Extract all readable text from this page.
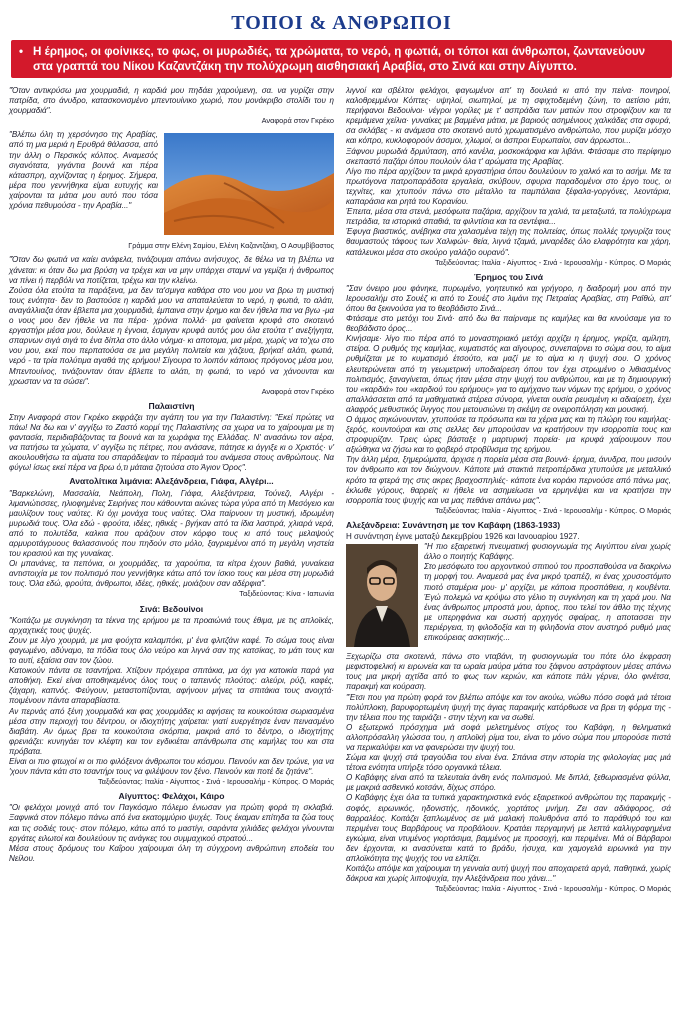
ΤΟΠΟΙ & ΑΝΘΡΩΠΟΙ
• Η έρημος, οι φοίνικες, το φως, οι μυρωδιές, τα χρώματα, το νερό, η φωτιά, οι τόποι και άνθρωποι, ζωντανεύουν στα γραπτά του Νίκου Καζαντζάκη την πολύχρωμη αισθησιακή Αραβία, στο Σινά και στην Αίγυπτο.

"Όταν αντικρύσω μια χουρμαδιά, η καρδιά μου πηδάει χαρούμενη, σα. να γυρίζει στην πατρίδα, στο άνυδρο, κατασκονισμένο μπεντουίνικο χωριό, που μονάκριβο στολίδι του η χουρμαδιά".

Αναφορά στον Γκρέκο

"Βλέπω όλη τη χερσόνησο της Αραβίας, από τη μια μεριά η Ερυθρά θάλασσα, από την άλλη ο Περσικός κόλπος. Αναμεσός σιγανότατα, γιγάντια βουνά και πέρα κάτασπρη, αχνίζοντας η έρημος. Σήμερα, μέρα που γεννήθηκα είμαι ευτυχής και χαίρονται τα μάτια μου αυτό που τόσα χρόνια πεθυμούσα - την Αραβία..."

Γράμμα στην Ελένη Σαμίου, Ελένη Καζαντζάκη, Ο Ασυμβίβαστος

"Όταν δω φωτιά να καίει ανάφελα, τινάζουμαι απάνω ανήσυχος, δε θέλω να τη βλέπω να χάνεται: κι όταν δω μια βρύση να τρέχει και να μην υπάρχει σταμνί να γεμίζει ή άνθρωπος να πίνει ή περβόλι να ποτίζεται, τρέχω και την κλείνω.

Ζούσα όλα ετούτα τα παράξενα, μα δεν τα'σμιγα καθάρα στο νου μου να βρω τη μυστική τους ενότητα· δεν το βαστούσε η καρδιά μου να απαταλεύεται το νερό, η φωτιά, το αλάτι, αναγάλλιαζα όταν έβλεπα μια χουρμαδιά, έμπαινα στην έρημο και δεν ήθελα πια να βγω -μα ο νους μου δεν ήθελε να πα πέρα· χρόνια πολλά· μα φαίνεται κρυφά στο σκοτεινό εργαστήρι μέσα μου, δούλευε η έγνοια, έσμιγαν κρυφά αυτός μου όλα ετούτα τ' ανεξήγητα, σπαρνων σιγά σιγά το ένα δίπλα στο άλλο νόημα· κι αποτομα, μια μέρα, χωρίς να το'χω στο νου μου, εκεί που περπατούσα σε μια μεγάλη πολιτεία και χάζευα, βρήκα! αλάτι, φωτιά, νερό - τα τρία πολύτιμα αγαθά της ερήμου! Σίγουρα το λοιπόν κάποιος πρόγονος μέσα μου, Μπεντουίνος, τινάζουνταν όταν έβλεπε το αλάτι, τη φωτιά, το νερό να χάνουνται και χρωσταν να τα σώσει".

Αναφορά στον Γκρέκο
Παλαιστίνη

Στην Αναφορά στον Γκρέκο εκφράζει την αγάπη του για την Παλαιστίνη: "Εκεί πρώτες να πάω! Να δω και ν' αγγίξω το Ζαστό κορμί της Παλαιστίνης σα χωρα να το χαίρουμαι με τη φαντασία, περιδιαβάζοντας τα βουνά και τα χωράφια της Ελλάδας. Ν' ανασάνω τον αέρα, να πατήσω τα χώματα, ν' αγγίξω τις πέτρες, που ανάσανε, πάτησε κι άγγιξε κι ο Χριστός· ν' ακουλουθήσω τα αίματα του σπαράδεψαν το πέρασμά του ανάμεσα στους ανθρώπους. Να φύγω! ίσως εκεί πέρα να βρω ό,τι μάταια ζητούσα στο Άγιον Όρος".

Ανατολίτικα λιμάνια: Αλεξάνδρεια, Γιάφα, Αλγέρι...

"Βαρκελώνη, Μασσαλία, Νεάπολη, Πολη, Γιάφα, Αλεξάντρεια, Τούνεζι, Αλγέρι - λιμανιώτισσες, ηλιοφημένες Σειρήνες που κάθουνται αιώνες τώρα γύρα από τη Μεσόγειο και μαυλίζουν τους ναύτες. Κι όχι μονάχα τους ναύτες. Όλα παίρνουν τη μυστική, ιδρωμένη μυρωδιά τους. Όλα εδώ - φρούτα, ιδέες, ηθικές - βγήκαν από τα ίδια λαστιρά, χλιαρά νερά, από το πολυτέδα, καλκια που αράζουν στον κόρφο τους κι από τους μελαψούς αρμυροτάγρυους θαλασσινούς που πηδούν στο μόλο, ξαγριεμένοι από τη μεγάλη νηστεία του κρασιού και της γυναίκας.

Οι μπανάνες, τα πεπόνια, οι χουρμάδες, τα χαρούπια, τα κίτρα έχουν βαθιά, γυναίκεια αντιστοιχία με τον πολιτισμό που γεννήθηκε κάτω από τον ίσκιο τους και μέσα στη μυρωδιά τους. Όλα εδώ, φρούτα, άνθρωποι, ιδέες, ηθικές, μοιάζουν σαν αδέρφια".

Ταξιδεύοντας: Κίνα - Ιαπωνία
Σινά: Βεδουίνοι

"Κοιτάζω με συγκίνηση τα τέκνα της ερήμου με τα προαιώνιά τους έθιμα, με τις απλοϊκές, αρχαχτικές τους ψυχές.

Ζουν με λίγο χουρμά, με μια φούχτα καλαμπόκι, μ' ένα φλιτζάνι καφέ. Το σώμα τους είναι φαγωμένο, αδύναμο, τα πόδια τους όλο νεύρο και λιγνά σαν της κατσίκας, το μάτι τους και το αυτί, εξαίσια σαν τον ζώου.

Κατοικούν πάντα σε τσαντήρια. Χτίζουν πρόχειρα σπιτάκια, μα όχι για κατοικία παρά για αποθήκη. Εκεί είναι αποθηκεμένος όλος τους ο ταπεινός πλούτος: αλεύρι, ρύζι, καφές, ζάχαρη, καπνός. Φεύγουν, μεταστοπίζονται, αφήνουν μήνες τα σπιτάκια τους ανοιχτά· ποιμένουν πάντα απαραβίαστα.

Αν περνάς από ξένη χουρμαδιά και φας χουρμάδες κι αφήσεις τα κουκούτσια σωριασμένα μέσα στην περιοχή του δέντρου, οι ιδιοχτήτης χαίρεται: γιατί ευεργέτησε έναν πεινασμένο διαβάτη. Αν όμως βρει τα κουκούτσια σκόρπια, μακριά από το δέντρο, ο ιδιοχτήτης φρενιάζει: κυνηγάει τον κλέφτη και τον εγδικιέται απάνθρωπα στις καμήλες του και στα πρόβατα.

Είναι οι πιο φτωχοί κι οι πιο φιλόξενοι άνθρωποι του κόσμου. Πεινούν και δεν τρώνε, για να 'χουν πάντα κάτι στο τσαντήρι τους να φιλέψουν τον ξένο. Πεινούν και ποτέ δε ζητάνε".

Ταξιδεύοντας: Ιταλία - Αίγυπτος - Σινά - Ιερουσαλήμ - Κύπρος. Ο Μοριάς
Αίγυπτος: Φελάχοι, Κάιρο

"Οι φελάχοι μονιχά από τον Παγκόσμιο πόλεμο ένιωσαν για πρώτη φορά τη σκλαβιά. Ξαφνικά στον πόλεμο πάνω από ένα εκατομμύριο ψυχές. Τους έκαμαν επίτηδα τα ζώα τους και τις σοδιές τους· στον πόλεμο, κάτω από το μαστίγι, σαράντα χιλιάδες φελάχοι γίνουνται εργάτες ειλωτοί και δουλεύουν τις ανάγκες του συμμαχικού στρατού...

Μέσα στους δρόμους του Καΐρου χαίρουμαι όλη τη σύγχρονη ανθρώπινη εποδεία του Νείλου.

λιγνοί και σβέλτοι φελάχοι, φαγωμένοι απ' τη δουλειά κι από την πείνα· πονηροί, καλοθρεμμένοι Κόπτες· υψηλοί, σιωπηλοί, με τη σφιχτοδεμένη ζώνη, το αετίσιο μάτι, περήφανοι Βεδουίνοι· νέγροι γορίλες με τ' ασπράδια των ματιών που στροφίζουν και τα κρεμάμενα χείλια· γυναίκες με βαμμένα μάτια, με βαριούς ασημένιους χαλκάδες στα σφυρά, σα σκλάβες - κι ανάμεσα στο σκοτεινό αυτό χρωματισμένο ανθρώπολο, που μυρίζει μόσχο και κόπρο, κυκλοφορούν άσσμοι, χλωμοί, οι άσπροι Ευρωπαίοι, σαν άρρωστοι...

Ξάφνου μυρωδιά δρμιύταση, από κανέλα, μοσκοκάρφια και λιβάνι. Φτάσαμε στο περίφημο σκεπαστό παζάρι όπου πουλούν όλα τ' αρώματα της Αραβίας.

Λίγο πιο πέρα αρχίζουν τα μικρά εργαστήρια όπου δουλεύουν το χαλκό και το ασήμι. Με τα πρωτόγονα πατροπαράδοτα εργαλεία, σκύβουν, σφυρια παραδομένοι στο έργο τους, οι τεχνίτες, και χτυπούν πάνω στο μέταλλο τα παμπάλαια ξέφαλα-γοργόνες, λεοντάρια, καπαράσια και ρητά του Κορανίου.

Έπειτα, μέσα στα στενά, μεσόφωτα παζάρια, αρχίζουν τα χαλιά, τα μεταξωτά, τα πολύχρωμα πετράδια, τα ιστορικά σπαθιά, τα φιλντίσια και τα σεντέφια...

Έφυγα βιαστικός, ανέβηκα στα χαλασμένα τείχη της πολιτείας, όπως πολλές τριγυρίζα τους θαυμαστούς τάφους των Χαλιφών· θεία, λιγνά τζαμιά, μιναρέδες όλο ελαφρότητα και χάρη, κατάλευκοι μέσα στο σκούρο γαλάζιο ουρανό".

Ταξιδεύοντας: Ιταλία - Αίγυπτος - Σινά - Ιερουσαλήμ - Κύπρος. Ο Μοριάς
Έρημος του Σινά

"Σαν όνειρο μου φάνηκε, πυρωμένο, γοητευτικό και γρήγορο, η διαδρομή μου από την Ιερουσαλήμ στο Σουέζ κι από το Σουέζ στο λιμάνι της Πετραίας Αραβίας, στη Ραϊθώ, απ' όπου θα ξεκινούσα για το θεοβάδιστο Σινά...

Φτάσαμε στο μετόχι του Σινά· από δω θα παίρναμε τις καμήλες και θα κινούσαμε για το θεοβάδιστο όρος...

Κινήσαμε· λίγο πιο πέρα από το μοναστηριακό μετόχι αρχίζει η έρημος, γκρίζα, αμίλητη, στείρα. Ο ρυθμός της καμήλας, κυματιστός και αϊγουρος, συνεπαίρνει το σώμα σου, το αίμα ρυθμίζεται με το κυματισμό έτσούτο, και μαζί με το αίμα κι η ψυχή σου. Ο χρόνος ελευτερώνεται από τη γεωμετρική υποδιαίρεση όπου τον έχει στρωμένο ο λιθιασμένος πολιτισμός, ξαναγίνεται, όπως ήταν μέσα στην ψυχή του ανθρώπου, και με τη δημιουργική του «καρδιά» του «καρδιού του ερήμους» για το αμήχανο των νόμων της ερήμου, ο χρόνος απαλλάσσεται από τα μαθηματικά στέρεα σύνορα, γίνεται ουσία ρευσμένη κι αδιαίρετη, έχει αλαφρός μεθυστικός ίλιγγος που μετουσιώνει τη σκέψη σε ονειροπόληση και μουσική.

Ο άμμος σηκώνουνταν, χτυπούσε τα πρόσωπα και τα χέρια μας και τη πλώρη του καμήλας· ξερός, κουντούραι και στις σελλες δεν μπορούσαν να κρατήσουν την ισορροπία τους και στροφυρίζαν. Τρεις ώρες βάσταξε η μαρτυρική πορεία· μα κρυφά χαίρουμουν που αξιώθηκα να ζήσω και το φοβερό στροβίλισμα της ερήμου.

Την άλλη μέρα, ξημερώματα, άρχισε η πορεία μέσα στα βουνά· έρημα, άνυδρα, που μισούν τον άνθρωπο και τον διώχνουν. Κάποτε μιά στακτιά πετροπέρδικα χτυπούσε με μεταλλικό κρότο τα φτερά της στις ακρες βραχοσπηλιές· κάποτε ένα κοράκι περνούσε από πάνω μας, έκλωθε γύρους, θαρρείς κι ήθελε να ασημείωσει να ερμηνέψει και να κρατήσει την ισορροπία τους ψυχής και να μας πεθάνει απάνω μας".

Ταξιδεύοντας: Ιταλία - Αίγυπτος - Σινά - Ιερουσαλήμ - Κύπρος. Ο Μοριάς
Αλεξάνδρεια: Συνάντηση με τον Καβάφη (1863-1933)

Η συνάντηση έγινε ματαξύ Δεκεμβρίου 1926 και Ιανουαρίου 1927.

"Η πιο εξαιρετική πνευματική φυσιογνωμία της Αιγύπτου είναι χωρίς άλλο ο ποιητής Καβάφης.

Στο μεσόφωτο του αρχοντικού σπιτιού του προσπαθούσα να διακρίνω τη μορφή του. Αναμεσά μας ένα μικρό τραπέζι, κι ένας χρυσοστόμιτο πιοτό σταμέρια μου· μ' αρχίζει, με κάποια προσπάθεια, η κουβέντα. Έγώ πολεμώ να κρύψω στο γέλιο τη συγκίνηση και τη χαρά μου. Να ένας άνθρωπος μπροστά μου, άρτιος, που τελεί τον άθλο της τέχνης με υπερηφάνια και σωστή αρχηγός σφαίρας, η αποτασσει την περιέργεια, τη φιλοδοξία και τη φιληδονία στον αυστηρό ρυθμό μιας επικούρειας ασκητικής...

Ξεχωρίζω στα σκοτεινά, πάνω στο νταβάνι, τη φυσιογνωμία του πότε όλο έκφραση μεφιστοφελική κι ειρωνεία και τα ωραία μαύρα μάτια του ξάφνου αστράφτουν μέσες απάνω τους μια μικρή αχτίδα από το φως των κεριών, και κάποτε πάλι γέρνει, όλο φινέτσα, παρακμή και κούραση.

"Έτσι που για πρώτη φορά τον βλέπω απόψε και τον ακούω, νιώθω πόσο σοφά μιά τέτοια πολύπλοκη, βαρυφορτωμένη ψυχή της άγιας παρακμής κατόρθωσε να βρει τη φόρμα της - την τέλεια που της ταιριάζει - στην τέχνη και να σωθεί.

Ο εξωτερικό πρόσχημα μιά σοφά μελετημένος στίχος του Καβάφη, η θεληματικά αλλοπρόσαλλη γλώσσα του, η απλοϊκή ρίμα του, είναι το μόνο σώμα που μπορούσε πιστά να περικαλύψει και να φανερώσει την ψυχή του.

Σώμα και ψυχή στά τραγούδια του είναι ένα. Σπάνια στην ιστορία της φιλολογίας μας μιά τέτοια ενότητα υπήρξε τόσο οργανικά τέλεια.

Ο Καβάφης είναι από τα τελευταία άνθη ενός πολιτισμού. Με διπλά, ξεθωριασμένα φύλλα, με μακριά ασθενικό κοτσάνι, δίχως σπόρο.

Ο Καβάφης έχει όλα τα τυπικά χαρακτηριστικά ενός εξαιρετικού ανθρώπου της παρακμής - σοφός, ειρωνικός, ηδονιστής, ηδονικός, χορτάτος μνήμη. Ζει σαν αδιάφορος, σά θαρραλέος. Κοιτάζει ξαπλωμένος σε μιά μαλακή πολυθρόνα από το παράθυρό του και περιμένει τους Βαρβάρους να προβάλουν. Κρατάει περγαμηνή με λεπτά καλλιγραφημένα εγκώμια, είναι ντυμένος γιορτάσιμα, βαμμένος με προσοχή, και περιμένει. Μά οί Βάρβαροι δεν έρχονται, κι ανασύνεται κατά το βράδυ, ήσυχα, και χαμογελά ειρωνικά για την απλοϊκότητα της ψυχής του να ελπίζει.

Κοιτάζω απόψε και χαίρουμαι τη γενναία αυτή ψυχή που αποχαιρετά αργά, παθητικά, χωρίς δάκρυα και χωρίς λιποψυχία, την Αλεξάνδρεια που χάνει..."

Ταξιδεύοντας: Ιταλία - Αίγυπτος - Σινά - Ιερουσαλήμ - Κύπρος. Ο Μοριάς
